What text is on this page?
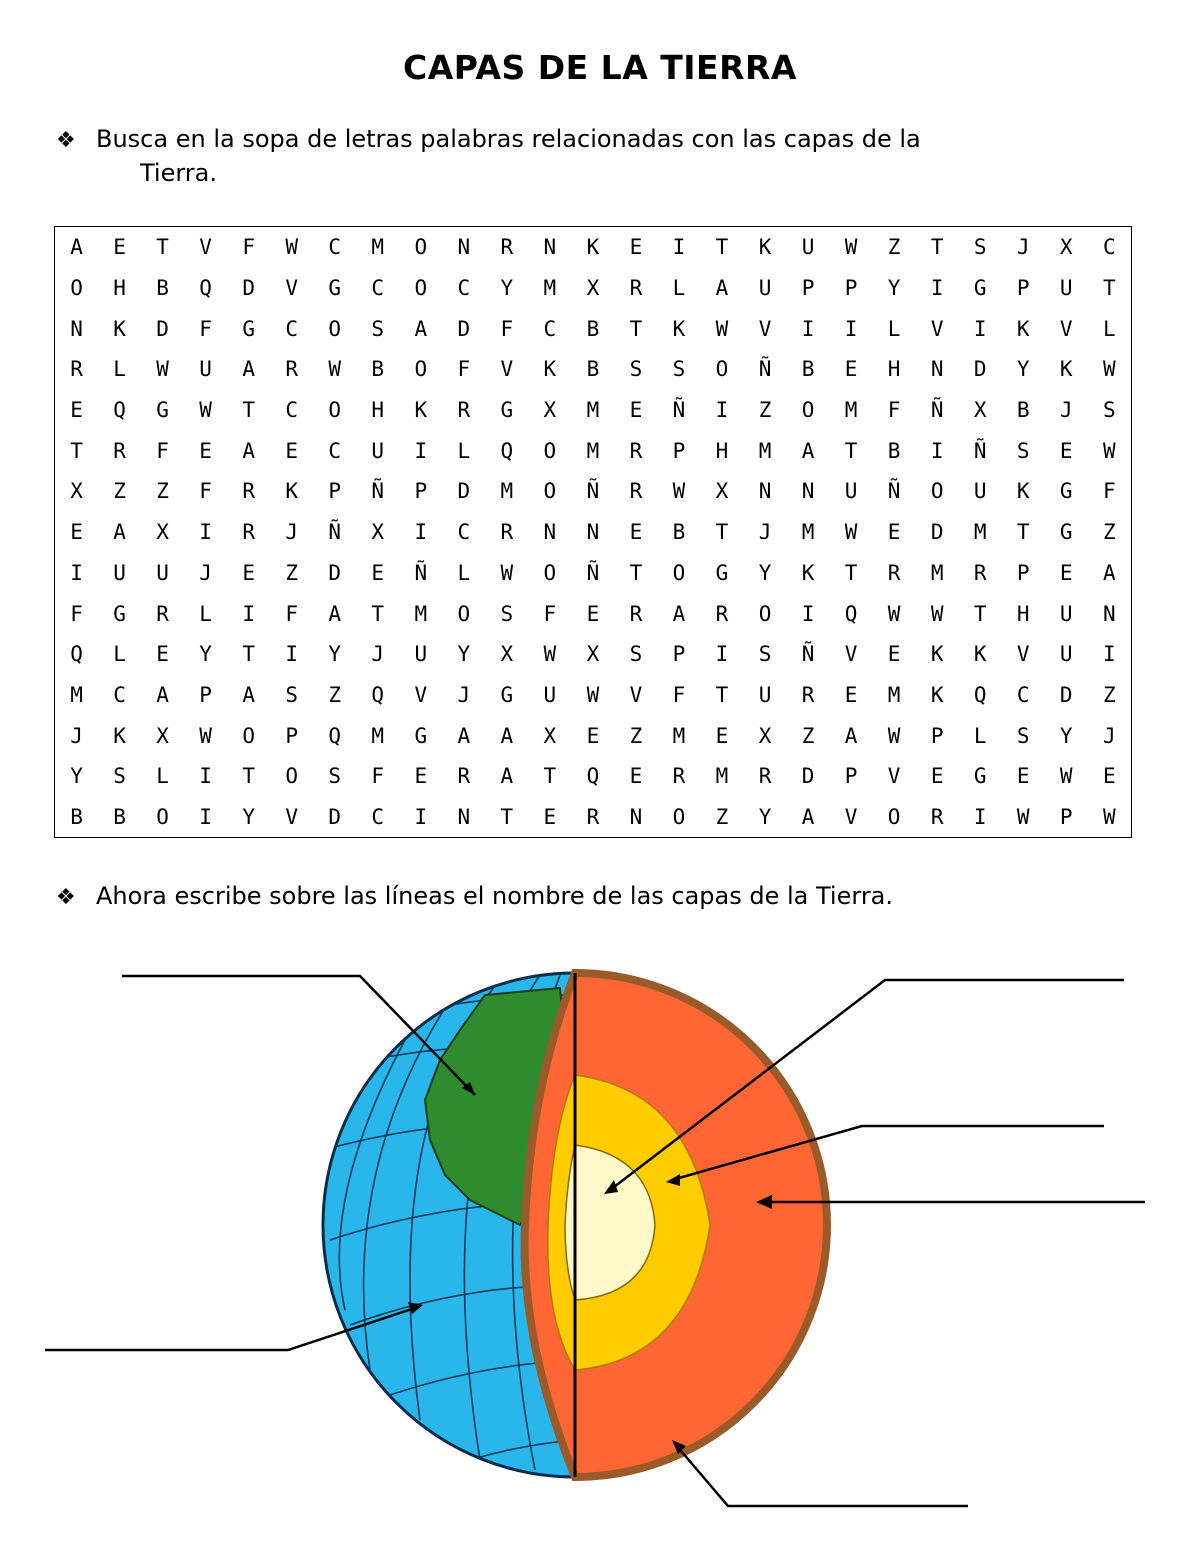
CAPAS DE LA TIERRA
❖ Busca en la sopa de letras palabras relacionadas con las capas de la
Tierra.
A	E	T	V	F	W	C	M	O	N	R	N	K	E	I	T	K	U	W	Z	T	S	J	X	C
O	H	B	Q	D	V	G	C	O	C	Y	M	X	R	L	A	U	P	P	Y	I	G	P	U	T
N	K	D	F	G	C	O	S	A	D	F	C	B	T	K	W	V	I	I	L	V	I	K	V	L
R	L	W	U	A	R	W	B	O	F	V	K	B	S	S	O	Ñ	B	E	H	N	D	Y	K	W
E	Q	G	W	T	C	O	H	K	R	G	X	M	E	Ñ	I	Z	O	M	F	Ñ	X	B	J	S
T	R	F	E	A	E	C	U	I	L	Q	O	M	R	P	H	M	A	T	B	I	Ñ	S	E	W
X	Z	Z	F	R	K	P	Ñ	P	D	M	O	Ñ	R	W	X	N	N	U	Ñ	O	U	K	G	F
E	A	X	I	R	J	Ñ	X	I	C	R	N	N	E	B	T	J	M	W	E	D	M	T	G	Z
I	U	U	J	E	Z	D	E	Ñ	L	W	O	Ñ	T	O	G	Y	K	T	R	M	R	P	E	A
F	G	R	L	I	F	A	T	M	O	S	F	E	R	A	R	O	I	Q	W	W	T	H	U	N
Q	L	E	Y	T	I	Y	J	U	Y	X	W	X	S	P	I	S	Ñ	V	E	K	K	V	U	I
M	C	A	P	A	S	Z	Q	V	J	G	U	W	V	F	T	U	R	E	M	K	Q	C	D	Z
J	K	X	W	O	P	Q	M	G	A	A	X	E	Z	M	E	X	Z	A	W	P	L	S	Y	J
Y	S	L	I	T	O	S	F	E	R	A	T	Q	E	R	M	R	D	P	V	E	G	E	W	E
B	B	O	I	Y	V	D	C	I	N	T	E	R	N	O	Z	Y	A	V	O	R	I	W	P	W
❖ Ahora escribe sobre las líneas el nombre de las capas de la Tierra.
